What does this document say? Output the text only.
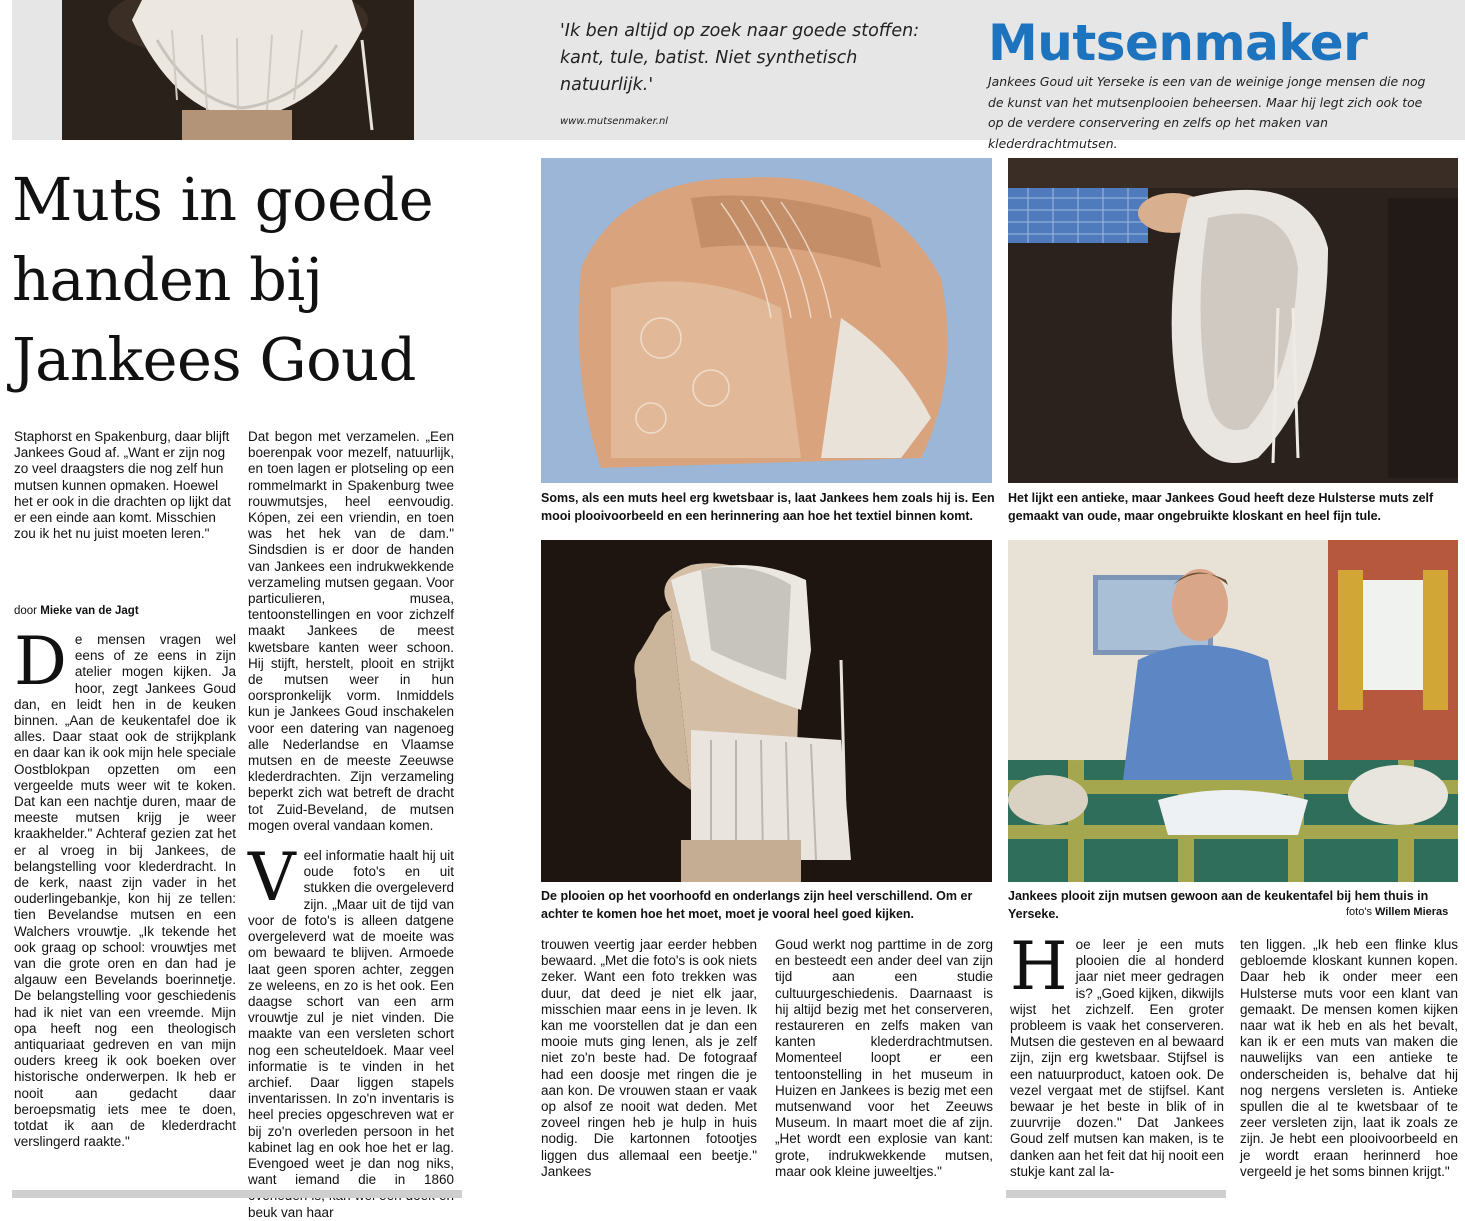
'Ik ben altijd op zoek naar goede stoffen: kant, tule, batist. Niet synthetisch natuurlijk.'
www.mutsenmaker.nl
Mutsenmaker
Jankees Goud uit Yerseke is een van de weinige jonge mensen die nog de kunst van het mutsenplooien beheersen. Maar hij legt zich ook toe op de verdere conservering en zelfs op het maken van klederdrachtmutsen.
Muts in goede handen bij Jankees Goud

Staphorst en Spakenburg, daar blijft Jankees Goud af. „Want er zijn nog zo veel draagsters die nog zelf hun mutsen kunnen opmaken. Hoewel het er ook in die drachten op lijkt dat er een einde aan komt. Misschien zou ik het nu juist moeten leren."

door Mieke van de Jagt
D e mensen vragen wel eens of ze eens in zijn atelier mogen kijken. Ja hoor, zegt Jankees Goud dan, en leidt hen in de keuken binnen. „Aan de keukentafel doe ik alles. Daar staat ook de strijkplank en daar kan ik ook mijn hele speciale Oostblokpan opzetten om een vergeelde muts weer wit te koken. Dat kan een nachtje duren, maar de meeste mutsen krijg je weer kraakhelder." Achteraf gezien zat het er al vroeg in bij Jankees, de belangstelling voor klederdracht. In de kerk, naast zijn vader in het ouderlingebankje, kon hij ze tellen: tien Bevelandse mutsen en een Walchers vrouwtje. „Ik tekende het ook graag op school: vrouwtjes met van die grote oren en dan had je algauw een Bevelands boerinnetje. De belangstelling voor geschiedenis had ik niet van een vreemde. Mijn opa heeft nog een theologisch antiquariaat gedreven en van mijn ouders kreeg ik ook boeken over historische onderwerpen. Ik heb er nooit aan gedacht daar beroepsmatig iets mee te doen, totdat ik aan de klederdracht verslingerd raakte."

Dat begon met verzamelen. „Een boerenpak voor mezelf, natuurlijk, en toen lagen er plotseling op een rommelmarkt in Spakenburg twee rouwmutsjes, heel eenvoudig. Kópen, zei een vriendin, en toen was het hek van de dam." Sindsdien is er door de handen van Jankees een indrukwekkende verzameling mutsen gegaan. Voor particulieren, musea, tentoonstellingen en voor zichzelf maakt Jankees de meest kwetsbare kanten weer schoon. Hij stijft, herstelt, plooit en strijkt de mutsen weer in hun oorspronkelijk vorm. Inmiddels kun je Jankees Goud inschakelen voor een datering van nagenoeg alle Nederlandse en Vlaamse mutsen en de meeste Zeeuwse klederdrachten. Zijn verzameling beperkt zich wat betreft de dracht tot Zuid-Beveland, de mutsen mogen overal vandaan komen.

V eel informatie haalt hij uit oude foto's en uit stukken die overgeleverd zijn. „Maar uit de tijd van voor de foto's is alleen datgene overgeleverd wat de moeite was om bewaard te blijven. Armoede laat geen sporen achter, zeggen ze weleens, en zo is het ook. Een daagse schort van een arm vrouwtje zul je niet vinden. Die maakte van een versleten schort nog een scheuteldoek. Maar veel informatie is te vinden in het archief. Daar liggen stapels inventarissen. In zo'n inventaris is heel precies opgeschreven wat er bij zo'n overleden persoon in het kabinet lag en ook hoe het er lag. Evengoed weet je dan nog niks, want iemand die in 1860 beuk van haar

Soms, als een muts heel erg kwetsbaar is, laat Jankees hem zoals hij is. Een mooi plooivoorbeeld en een herinnering aan hoe het textiel binnen komt.
Het lijkt een antieke, maar Jankees Goud heeft deze Hulsterse muts zelf gemaakt van oude, maar ongebruikte kloskant en heel fijn tule.
De plooien op het voorhoofd en onderlangs zijn heel verschillend. Om er achter te komen hoe het moet, moet je vooral heel goed kijken.
Jankees plooit zijn mutsen gewoon aan de keukentafel bij hem thuis in Yerseke.	foto's Willem Mieras
trouwen veertig jaar eerder hebben bewaard. „Met die foto's is ook niets zeker. Want een foto trekken was duur, dat deed je niet elk jaar, misschien maar eens in je leven. Ik kan me voorstellen dat je dan een mooie muts ging lenen, als je zelf niet zo'n beste had. De fotograaf had een doosje met ringen die je aan kon. De vrouwen staan er vaak op alsof ze nooit wat deden. Met zoveel ringen heb je hulp in huis nodig. Die kartonnen fotootjes liggen dus allemaal een beetje." Jankees
Goud werkt nog parttime in de zorg en besteedt een ander deel van zijn tijd aan een studie cultuurgeschiedenis. Daarnaast is hij altijd bezig met het conserveren, restaureren en zelfs maken van kanten klederdrachtmutsen. Momenteel loopt er een tentoonstelling in het museum in Huizen en Jankees is bezig met een mutsenwand voor het Zeeuws Museum. In maart moet die af zijn. „Het wordt een explosie van kant: grote, indrukwekkende mutsen, maar ook kleine juweeltjes."
H oe leer je een muts plooien die al honderd jaar niet meer gedragen is? „Goed kijken, dikwijls wijst het zichzelf. Een groter probleem is vaak het conserveren. Mutsen die gesteven en al bewaard zijn, zijn erg kwetsbaar. Stijfsel is een natuurproduct, katoen ook. De vezel vergaat met de stijfsel. Kant bewaar je het beste in blik of in zuurvrije dozen." Dat Jankees Goud zelf mutsen kan maken, is te danken aan het feit dat hij nooit een stukje kant zal la-
ten liggen. „Ik heb een flinke klus gebloemde kloskant kunnen kopen. Daar heb ik onder meer een Hulsterse muts voor een klant van gemaakt. De mensen komen kijken naar wat ik heb en als het bevalt, kan ik er een muts van maken die nauwelijks van een antieke te onderscheiden is, behalve dat hij nog nergens versleten is. Antieke spullen die al te kwetsbaar of te zeer versleten zijn, laat ik zoals ze zijn. Je hebt een plooivoorbeeld en je wordt eraan herinnerd hoe vergeeld je het soms binnen krijgt."
